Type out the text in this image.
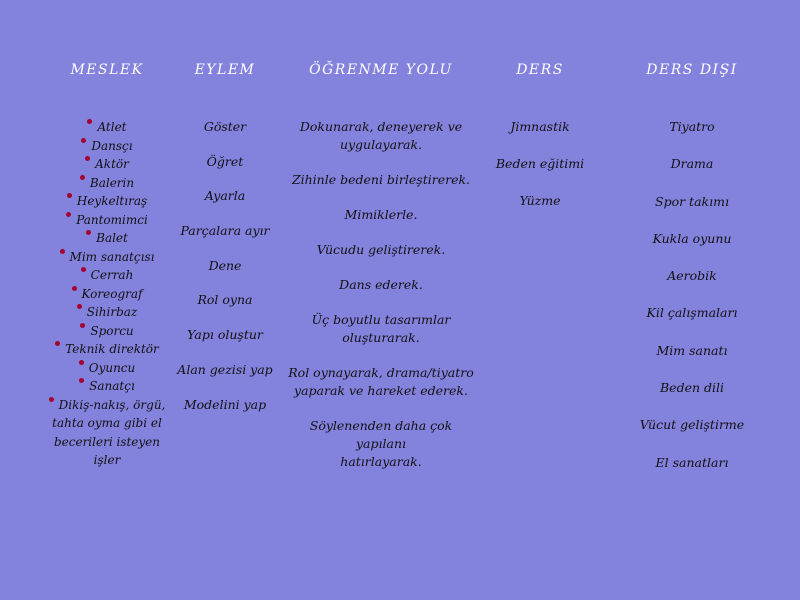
MESLEK
Atlet
Dansçı
Aktör
Balerin
Heykeltıraş
Pantomimci
Balet
Mim sanatçısı
Cerrah
Koreograf
Sihirbaz
Sporcu
Teknik direktör
Oyuncu
Sanatçı
Dikiş-nakış, örgü,
tahta oyma gibi el
becerileri isteyen işler
EYLEM
Göster
Öğret
Ayarla
Parçalara ayır
Dene
Rol oyna
Yapı oluştur
Alan gezisi yap
Modelini yap
ÖĞRENME YOLU
Dokunarak, deneyerek ve
uygulayarak.
Zihinle bedeni birleştirerek.
Mimiklerle.
Vücudu geliştirerek.
Dans ederek.
Üç boyutlu tasarımlar
oluşturarak.
Rol oynayarak, drama/tiyatro
yaparak ve hareket ederek.
Söylenenden daha çok yapılanı
hatırlayarak.
DERS
Jimnastik
Beden eğitimi
Yüzme
DERS DIŞI
Tiyatro
Drama
Spor takımı
Kukla oyunu
Aerobik
Kil çalışmaları
Mim sanatı
Beden dili
Vücut geliştirme
El sanatları
